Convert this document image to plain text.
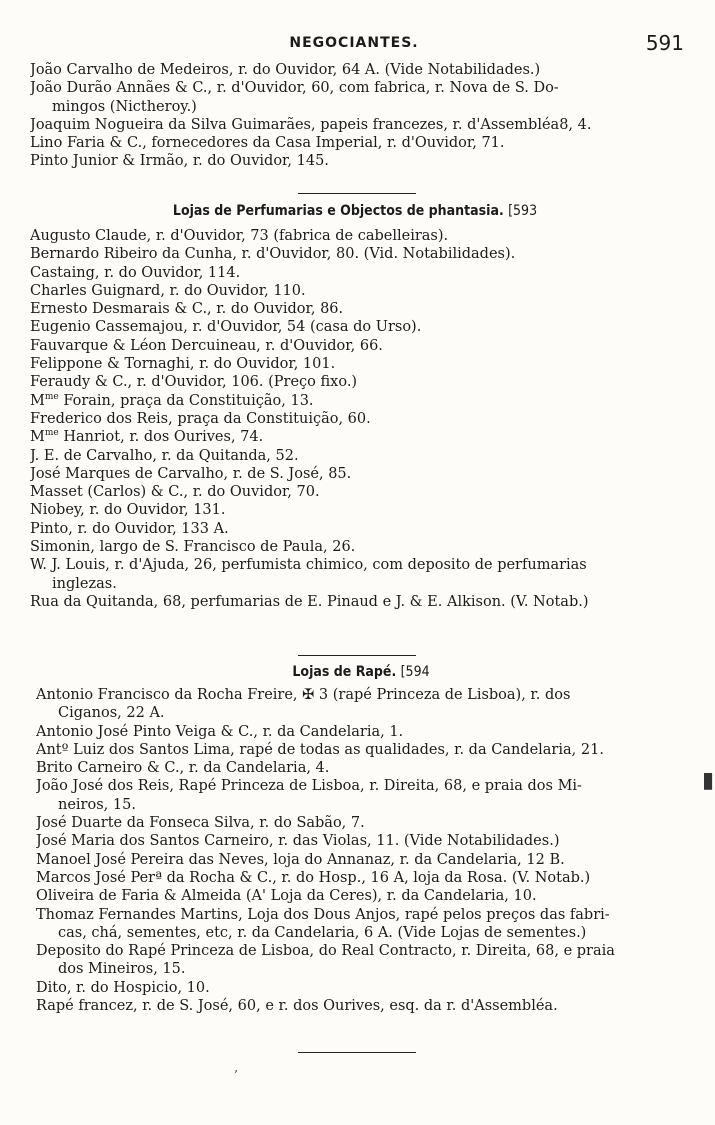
NEGOCIANTES.	591
João Carvalho de Medeiros, r. do Ouvidor, 64 A. (Vide Notabilidades.)
João Durão Annães & C., r. d'Ouvidor, 60, com fabrica, r. Nova de S. Do-
mingos (Nictheroy.)
Joaquim Nogueira da Silva Guimarães, papeis francezes, r. d'Assembléa8, 4.
Lino Faria & C., fornecedores da Casa Imperial, r. d'Ouvidor, 71.
Pinto Junior & Irmão, r. do Ouvidor, 145.
Lojas de Perfumarias e Objectos de phantasia. [593
Augusto Claude, r. d'Ouvidor, 73 (fabrica de cabelleiras).
Bernardo Ribeiro da Cunha, r. d'Ouvidor, 80. (Vid. Notabilidades).
Castaing, r. do Ouvidor, 114.
Charles Guignard, r. do Ouvidor, 110.
Ernesto Desmarais & C., r. do Ouvidor, 86.
Eugenio Cassemajou, r. d'Ouvidor, 54 (casa do Urso).
Fauvarque & Léon Dercuineau, r. d'Ouvidor, 66.
Felippone & Tornaghi, r. do Ouvidor, 101.
Feraudy & C., r. d'Ouvidor, 106. (Preço fixo.)
$M^{me}$ Forain, praça da Constituição, 13.
Frederico dos Reis, praça da Constituição, 60.
$M^{me}$ Hanriot, r. dos Ourives, 74.
J. E. de Carvalho, r. da Quitanda, 52.
José Marques de Carvalho, r. de S. José, 85.
Masset (Carlos) & C., r. do Ouvidor, 70.
Niobey, r. do Ouvidor, 131.
Pinto, r. do Ouvidor, 133 A.
Simonin, largo de S. Francisco de Paula, 26.
W. J. Louis, r. d'Ajuda, 26, perfumista chimico, com deposito de perfumarias
inglezas.
Rua da Quitanda, 68, perfumarias de E. Pinaud e J. & E. Alkison. (V. Notab.)
Lojas de Rapé. [594
Antonio Francisco da Rocha Freire, ✠ 3 (rapé Princeza de Lisboa), r. dos
Ciganos, 22 A.
Antonio José Pinto Veiga & C., r. da Candelaria, 1.
Antº Luiz dos Santos Lima, rapé de todas as qualidades, r. da Candelaria, 21.
Brito Carneiro & C., r. da Candelaria, 4.
João José dos Reis, Rapé Princeza de Lisboa, r. Direita, 68, e praia dos Mi-
neiros, 15.
José Duarte da Fonseca Silva, r. do Sabão, 7.
José Maria dos Santos Carneiro, r. das Violas, 11. (Vide Notabilidades.)
Manoel José Pereira das Neves, loja do Annanaz, r. da Candelaria, 12 B.
Marcos José Perª da Rocha & C., r. do Hosp., 16 A, loja da Rosa. (V. Notab.)
Oliveira de Faria & Almeida (A' Loja da Ceres), r. da Candelaria, 10.
Thomaz Fernandes Martins, Loja dos Dous Anjos, rapé pelos preços das fabri-
cas, chá, sementes, etc, r. da Candelaria, 6 A. (Vide Lojas de sementes.)
Deposito do Rapé Princeza de Lisboa, do Real Contracto, r. Direita, 68, e praia
dos Mineiros, 15.
Dito, r. do Hospicio, 10.
Rapé francez, r. de S. José, 60, e r. dos Ourives, esq. da r. d'Assembléa.
’
▮
